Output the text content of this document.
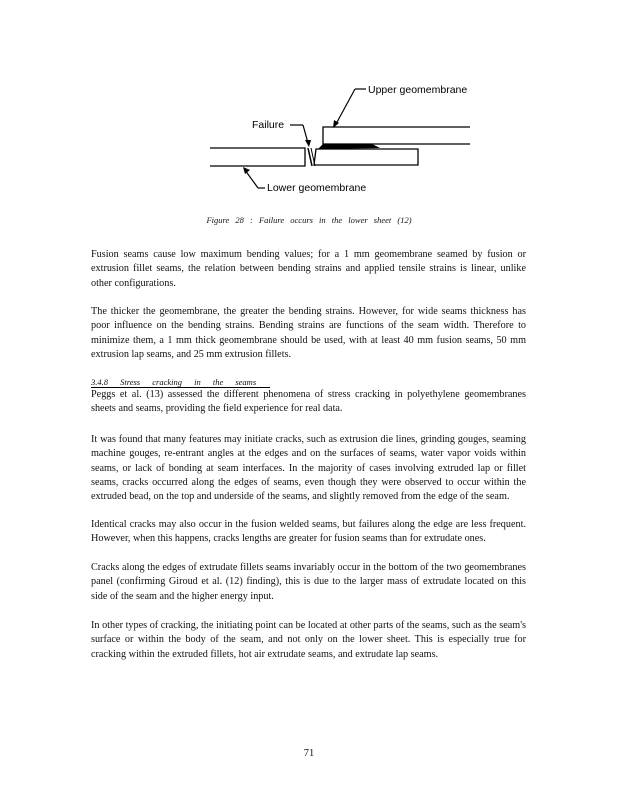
Upper geomembrane
Failure
Lower geomembrane
Figure 28 : Failure occurs in the lower sheet (12)

Fusion seams cause low maximum bending values; for a 1 mm geomembrane seamed by fusion or extrusion fillet seams, the relation between bending strains and applied tensile strains is linear, unlike other configurations.

The thicker the geomembrane, the greater the bending strains. However, for wide seams thickness has poor influence on the bending strains. Bending strains are functions of the seam width. Therefore to minimize them, a 1 mm thick geomembrane should be used, with at least 40 mm fusion seams, 50 mm extrusion lap seams, and 25 mm extrusion fillets.

3.4.8 Stress cracking in the seams

Peggs et al. (13) assessed the different phenomena of stress cracking in polyethylene geomembranes sheets and seams, providing the field experience for real data.

It was found that many features may initiate cracks, such as extrusion die lines, grinding gouges, seaming machine gouges, re-entrant angles at the edges and on the surfaces of seams, water vapor voids within seams, or lack of bonding at seam interfaces. In the majority of cases involving extruded lap or fillet seams, cracks occurred along the edges of seams, even though they were observed to occur within the extruded bead, on the top and underside of the seams, and slightly removed from the edge of the seam.

Identical cracks may also occur in the fusion welded seams, but failures along the edge are less frequent. However, when this happens, cracks lengths are greater for fusion seams than for extrudate ones.

Cracks along the edges of extrudate fillets seams invariably occur in the bottom of the two geomembranes panel (confirming Giroud et al. (12) finding), this is due to the larger mass of extrudate located on this side of the seam and the higher energy input.

In other types of cracking, the initiating point can be located at other parts of the seams, such as the seam's surface or within the body of the seam, and not only on the lower sheet. This is especially true for cracking within the extruded fillets, hot air extrudate seams, and extrudate lap seams.

71
